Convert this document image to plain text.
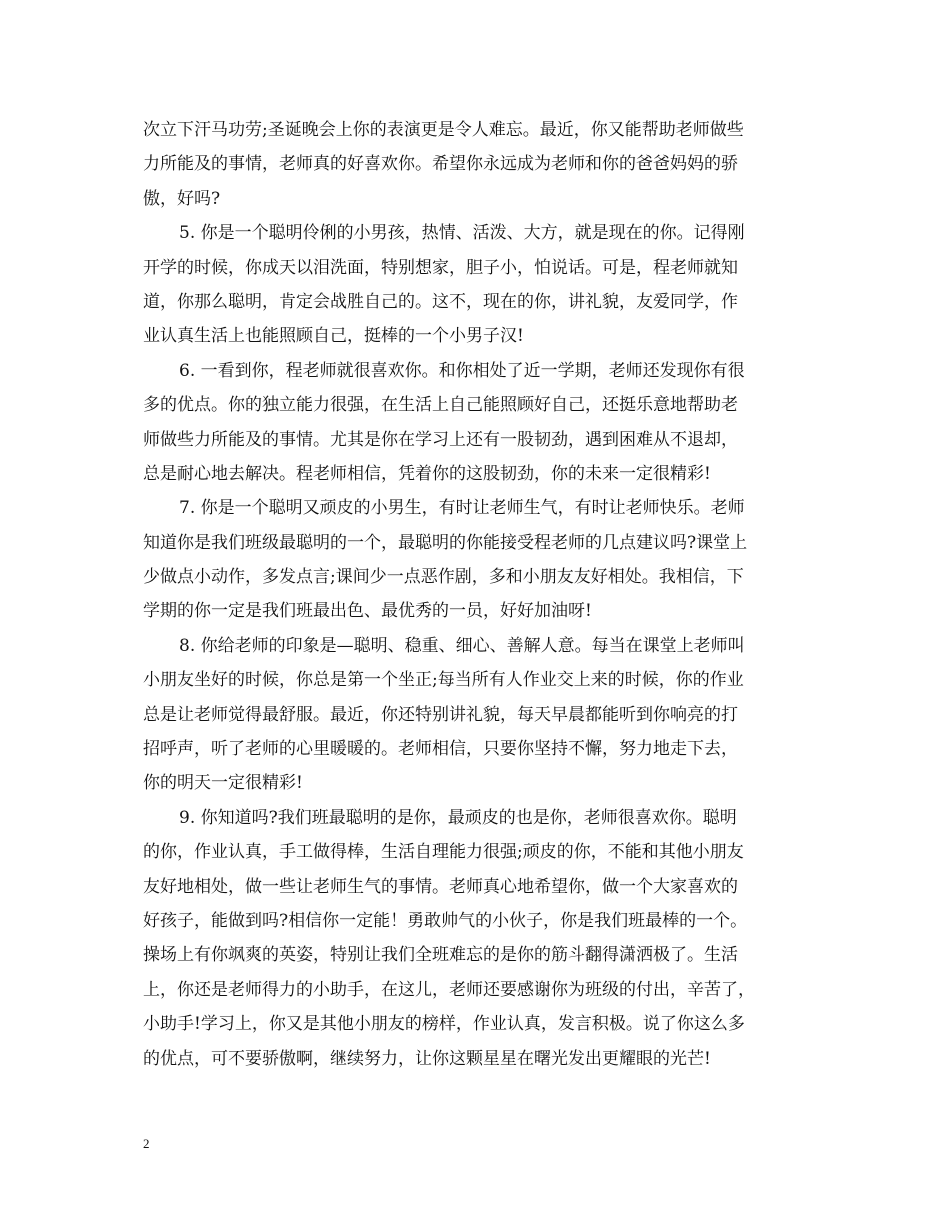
次立下汗马功劳;圣诞晚会上你的表演更是令人难忘。最近，你又能帮助老师做些
力所能及的事情，老师真的好喜欢你。希望你永远成为老师和你的爸爸妈妈的骄
傲，好吗?
5. 你是一个聪明伶俐的小男孩，热情、活泼、大方，就是现在的你。记得刚
开学的时候，你成天以泪洗面，特别想家，胆子小，怕说话。可是，程老师就知
道，你那么聪明，肯定会战胜自己的。这不，现在的你，讲礼貌，友爱同学，作
业认真生活上也能照顾自己，挺棒的一个小男子汉!
6. 一看到你，程老师就很喜欢你。和你相处了近一学期，老师还发现你有很
多的优点。你的独立能力很强，在生活上自己能照顾好自己，还挺乐意地帮助老
师做些力所能及的事情。尤其是你在学习上还有一股韧劲，遇到困难从不退却，
总是耐心地去解决。程老师相信，凭着你的这股韧劲，你的未来一定很精彩!
7. 你是一个聪明又顽皮的小男生，有时让老师生气，有时让老师快乐。老师
知道你是我们班级最聪明的一个，最聪明的你能接受程老师的几点建议吗?课堂上
少做点小动作，多发点言;课间少一点恶作剧，多和小朋友友好相处。我相信，下
学期的你一定是我们班最出色、最优秀的一员，好好加油呀!
8. 你给老师的印象是—聪明、稳重、细心、善解人意。每当在课堂上老师叫
小朋友坐好的时候，你总是第一个坐正;每当所有人作业交上来的时候，你的作业
总是让老师觉得最舒服。最近，你还特别讲礼貌，每天早晨都能听到你响亮的打
招呼声，听了老师的心里暖暖的。老师相信，只要你坚持不懈，努力地走下去，
你的明天一定很精彩!
9. 你知道吗?我们班最聪明的是你，最顽皮的也是你，老师很喜欢你。聪明
的你，作业认真，手工做得棒，生活自理能力很强;顽皮的你，不能和其他小朋友
友好地相处，做一些让老师生气的事情。老师真心地希望你，做一个大家喜欢的
好孩子，能做到吗?相信你一定能！勇敢帅气的小伙子，你是我们班最棒的一个。
操场上有你飒爽的英姿，特别让我们全班难忘的是你的筋斗翻得潇洒极了。生活
上，你还是老师得力的小助手，在这儿，老师还要感谢你为班级的付出，辛苦了，
小助手!学习上，你又是其他小朋友的榜样，作业认真，发言积极。说了你这么多
的优点，可不要骄傲啊，继续努力，让你这颗星星在曙光发出更耀眼的光芒!
2
